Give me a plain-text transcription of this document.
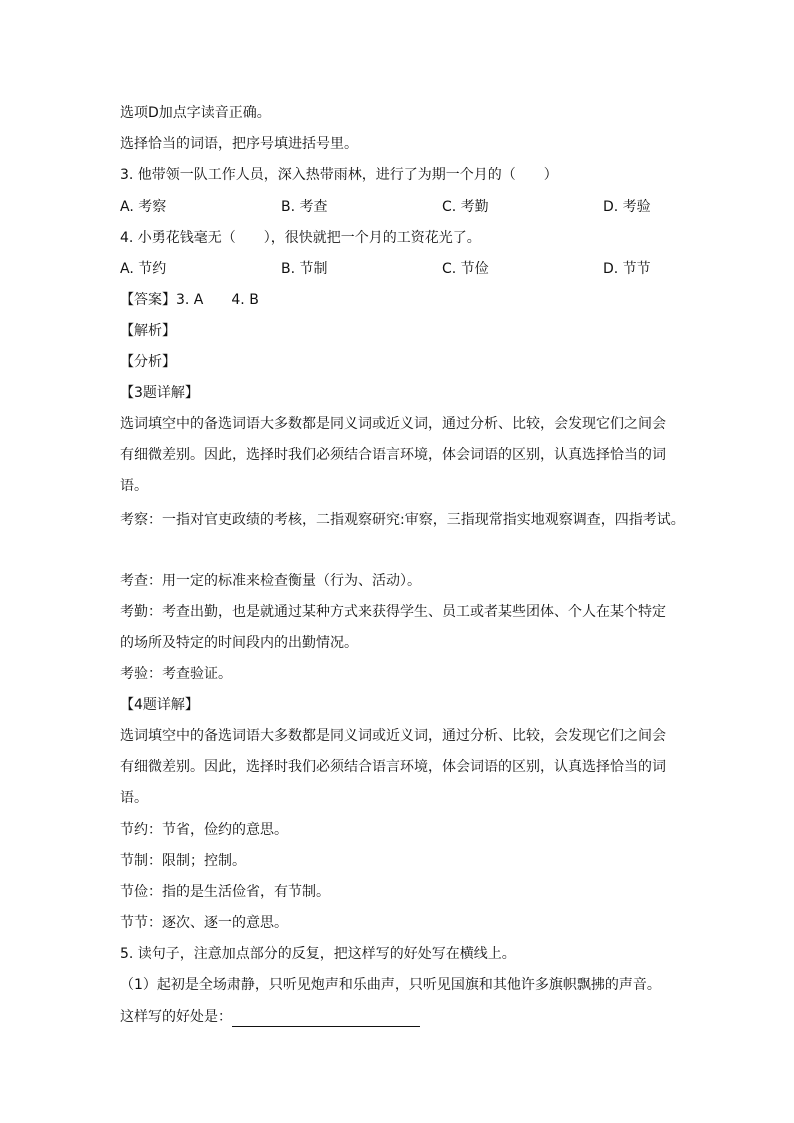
选项D加点字读音正确。
选择恰当的词语，把序号填进括号里。
3. 他带领一队工作人员，深入热带雨林，进行了为期一个月的（　　）
A. 考察	B. 考查	C. 考勤	D. 考验
4. 小勇花钱毫无（　　），很快就把一个月的工资花光了。
A. 节约	B. 节制	C. 节俭	D. 节节
【答案】3. A　　4. B
【解析】
【分析】
【3题详解】
选词填空中的备选词语大多数都是同义词或近义词，通过分析、比较，会发现它们之间会
有细微差别。因此，选择时我们必须结合语言环境，体会词语的区别，认真选择恰当的词
语。
考察：一指对官吏政绩的考核，二指观察研究:审察，三指现常指实地观察调查，四指考试。
考查：用一定的标准来检查衡量（行为、活动）。
考勤：考查出勤，也是就通过某种方式来获得学生、员工或者某些团体、个人在某个特定
的场所及特定的时间段内的出勤情况。
考验：考查验证。
【4题详解】
选词填空中的备选词语大多数都是同义词或近义词，通过分析、比较，会发现它们之间会
有细微差别。因此，选择时我们必须结合语言环境，体会词语的区别，认真选择恰当的词
语。
节约：节省，俭约的意思。
节制：限制；控制。
节俭：指的是生活俭省，有节制。
节节：逐次、逐一的意思。
5. 读句子，注意加点部分的反复，把这样写的好处写在横线上。
（1）起初是全场肃静，只听见炮声和乐曲声，只听见国旗和其他许多旗帜飘拂的声音。
这样写的好处是：
